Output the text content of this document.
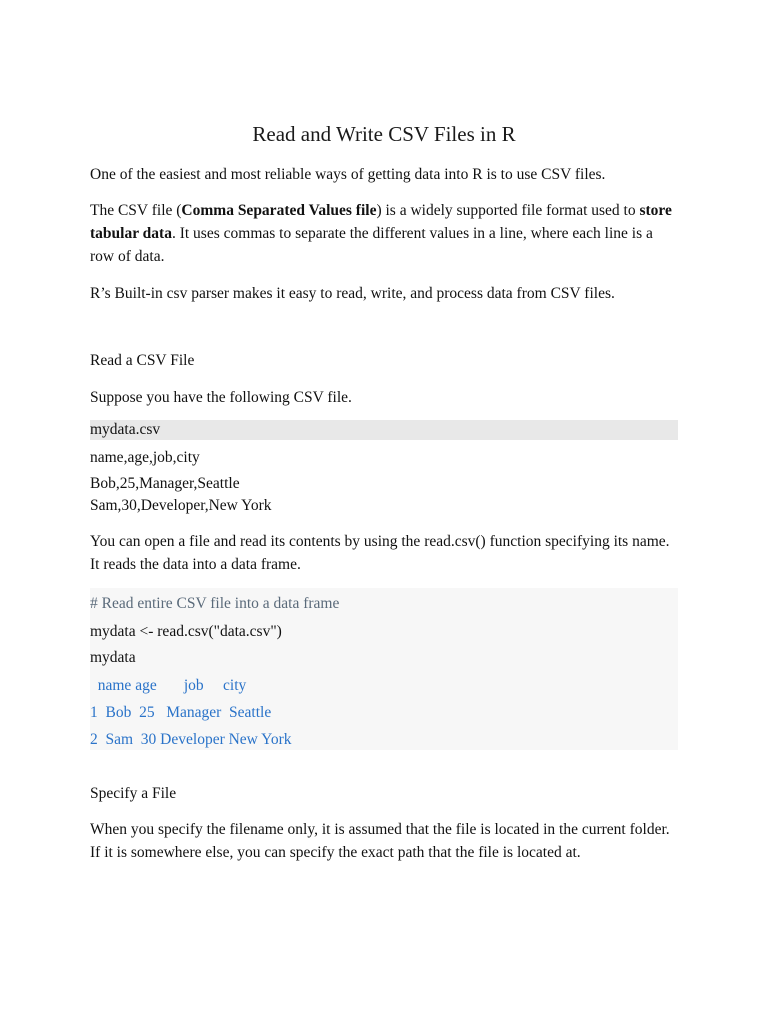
Read and Write CSV Files in R

One of the easiest and most reliable ways of getting data into R is to use CSV files.

The CSV file (Comma Separated Values file) is a widely supported file format used to store tabular data. It uses commas to separate the different values in a line, where each line is a row of data.

R’s Built-in csv parser makes it easy to read, write, and process data from CSV files.

Read a CSV File

Suppose you have the following CSV file.

mydata.csv

name,age,job,city

Bob,25,Manager,Seattle

Sam,30,Developer,New York

You can open a file and read its contents by using the read.csv() function specifying its name. It reads the data into a data frame.

# Read entire CSV file into a data frame

mydata <- read.csv("data.csv")

mydata

name age       job     city

1  Bob  25   Manager  Seattle

2  Sam  30 Developer New York

Specify a File

When you specify the filename only, it is assumed that the file is located in the current folder. If it is somewhere else, you can specify the exact path that the file is located at.
